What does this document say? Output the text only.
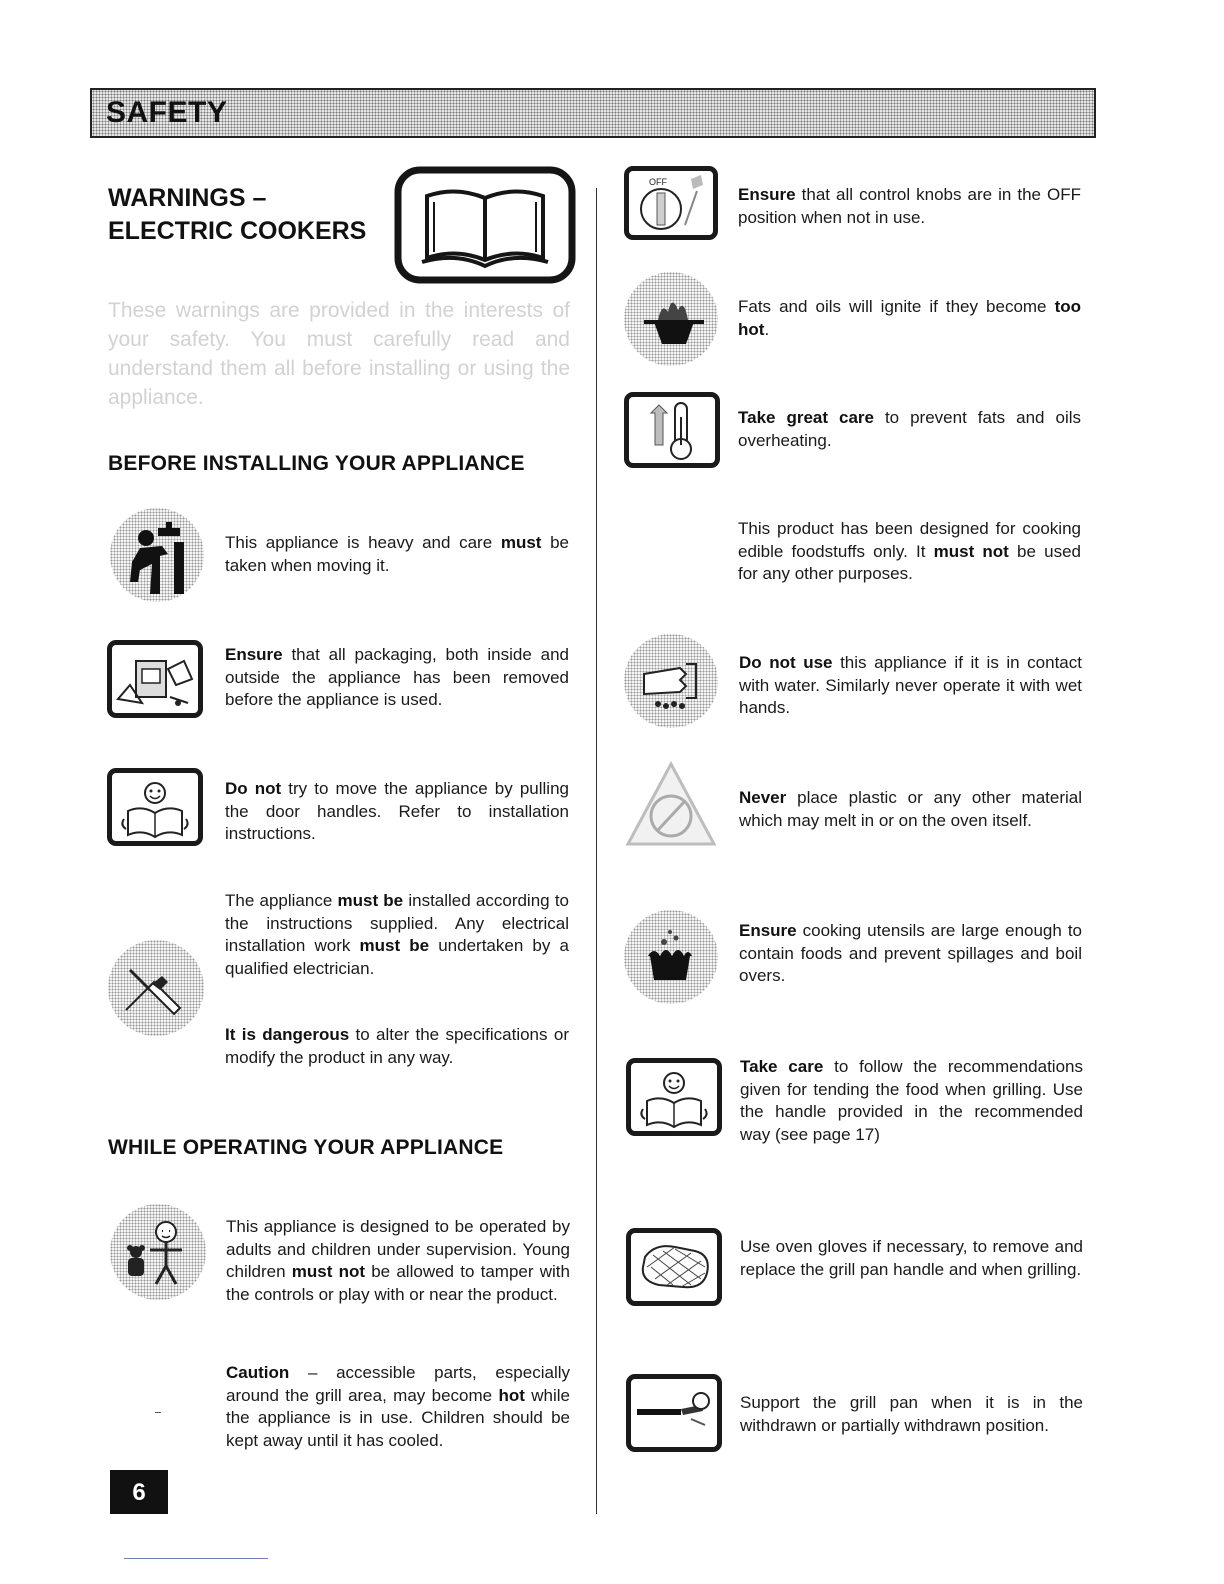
SAFETY
WARNINGS –
ELECTRIC COOKERS
These warnings are provided in the interests of your safety. You must carefully read and understand them all before installing or using the appliance.
BEFORE INSTALLING YOUR APPLIANCE
This appliance is heavy and care must be taken when moving it.
Ensure that all packaging, both inside and outside the appliance has been removed before the appliance is used.
Do not try to move the appliance by pulling the door handles. Refer to installation instructions.
The appliance must be installed according to the instructions supplied. Any electrical installation work must be undertaken by a qualified electrician.
It is dangerous to alter the specifications or modify the product in any way.
WHILE OPERATING YOUR APPLIANCE
This appliance is designed to be operated by adults and children under supervision. Young children must not be allowed to tamper with the controls or play with or near the product.
Caution – accessible parts, especially around the grill area, may become hot while the appliance is in use. Children should be kept away until it has cooled.
OFF
Ensure that all control knobs are in the OFF position when not in use.
Fats and oils will ignite if they become too hot.
Take great care to prevent fats and oils overheating.
This product has been designed for cooking edible foodstuffs only. It must not be used for any other purposes.
Do not use this appliance if it is in contact with water. Similarly never operate it with wet hands.
Never place plastic or any other material which may melt in or on the oven itself.
Ensure cooking utensils are large enough to contain foods and prevent spillages and boil overs.
Take care to follow the recommendations given for tending the food when grilling. Use the handle provided in the recommended way (see page 17)
Use oven gloves if necessary, to remove and replace the grill pan handle and when grilling.
Support the grill pan when it is in the withdrawn or partially withdrawn position.
6
